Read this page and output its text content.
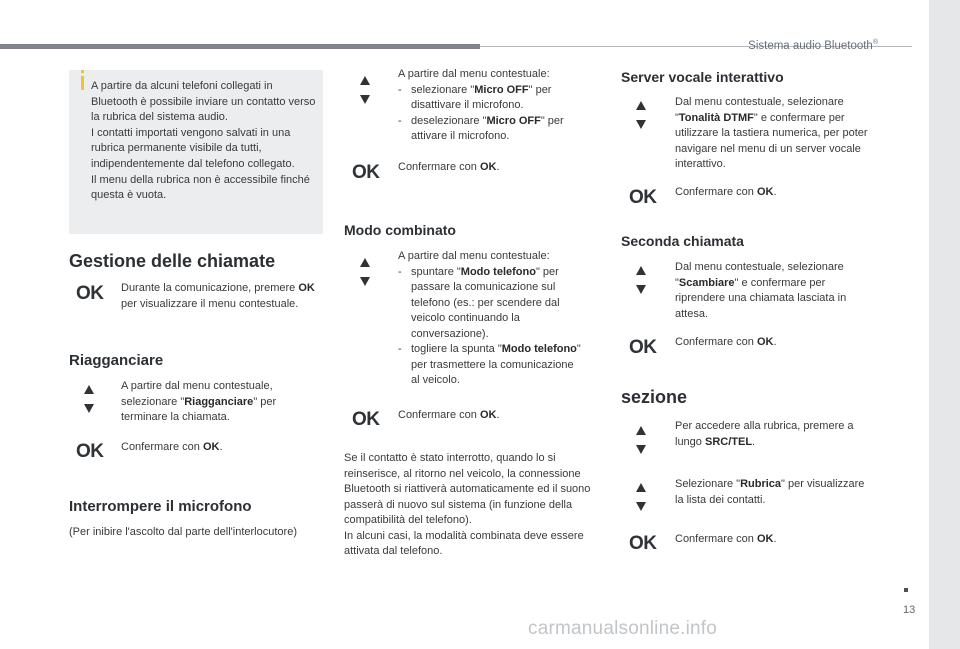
Sistema audio Bluetooth®
13
carmanualsonline.info
A partire da alcuni telefoni collegati in Bluetooth è possibile inviare un contatto verso la rubrica del sistema audio.
I contatti importati vengono salvati in una rubrica permanente visibile da tutti, indipendentemente dal telefono collegato.
Il menu della rubrica non è accessibile finché questa è vuota.
Gestione delle chiamate
OK Durante la comunicazione, premere OK per visualizzare il menu contestuale.
Riagganciare
A partire dal menu contestuale, selezionare "Riagganciare" per terminare la chiamata.
OK Confermare con OK.
Interrompere il microfono
(Per inibire l'ascolto dal parte dell'interlocutore)
A partire dal menu contestuale:
- selezionare "Micro OFF" per disattivare il microfono.
- deselezionare "Micro OFF" per attivare il microfono.
OK Confermare con OK.
Modo combinato
A partire dal menu contestuale:
- spuntare "Modo telefono" per passare la comunicazione sul telefono (es.: per scendere dal veicolo continuando la conversazione).
- togliere la spunta "Modo telefono" per trasmettere la comunicazione al veicolo.
OK Confermare con OK.
Se il contatto è stato interrotto, quando lo si reinserisce, al ritorno nel veicolo, la connessione Bluetooth si riattiverà automaticamente ed il suono passerà di nuovo sul sistema (in funzione della compatibilità del telefono).
In alcuni casi, la modalità combinata deve essere attivata dal telefono.
Server vocale interattivo
Dal menu contestuale, selezionare "Tonalità DTMF" e confermare per utilizzare la tastiera numerica, per poter navigare nel menu di un server vocale interattivo.
OK Confermare con OK.
Seconda chiamata
Dal menu contestuale, selezionare "Scambiare" e confermare per riprendere una chiamata lasciata in attesa.
OK Confermare con OK.
sezione
Per accedere alla rubrica, premere a lungo SRC/TEL.
Selezionare "Rubrica" per visualizzare la lista dei contatti.
OK Confermare con OK.
